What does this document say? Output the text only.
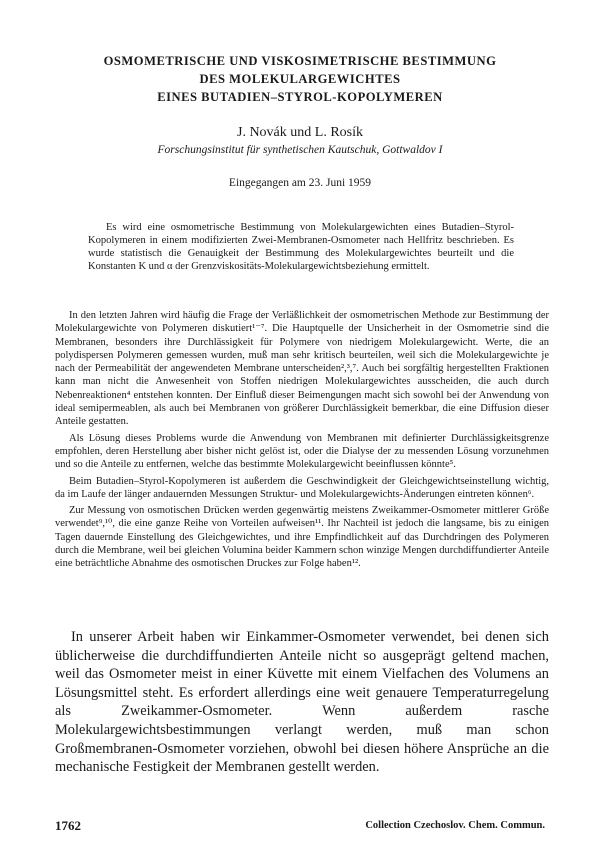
OSMOMETRISCHE UND VISKOSIMETRISCHE BESTIMMUNG
DES MOLEKULARGEWICHTES
EINES BUTADIEN–STYROL-KOPOLYMEREN
J. Novák und L. Rosík
Forschungsinstitut für synthetischen Kautschuk, Gottwaldov I
Eingegangen am 23. Juni 1959

Es wird eine osmometrische Bestimmung von Molekulargewichten eines Butadien–Styrol-Kopolymeren in einem modifizierten Zwei-Membranen-Osmometer nach Hellfritz beschrieben. Es wurde statistisch die Genauigkeit der Bestimmung des Molekulargewichtes beurteilt und die Konstanten K und α der Grenzviskositäts-Molekulargewichtsbeziehung ermittelt.

In den letzten Jahren wird häufig die Frage der Verläßlichkeit der osmometrischen Methode zur Bestimmung der Molekulargewichte von Polymeren diskutiert¹⁻⁷. Die Hauptquelle der Unsicherheit in der Osmometrie sind die Membranen, besonders ihre Durchlässigkeit für Polymere von niedrigem Molekulargewicht. Werte, die an polydispersen Polymeren gemessen wurden, muß man sehr kritisch beurteilen, weil sich die Molekulargewichte je nach der Permeabilität der angewendeten Membrane unterscheiden²,³,⁷. Auch bei sorgfältig hergestellten Fraktionen kann man nicht die Anwesenheit von Stoffen niedrigen Molekulargewichtes ausscheiden, die auch durch Nebenreaktionen⁴ entstehen konnten. Der Einfluß dieser Beimengungen macht sich sowohl bei der Anwendung von ideal semipermeablen, als auch bei Membranen von größerer Durchlässigkeit bemerkbar, die eine Diffusion dieser Anteile gestatten.

Als Lösung dieses Problems wurde die Anwendung von Membranen mit definierter Durchlässigkeitsgrenze empfohlen, deren Herstellung aber bisher nicht gelöst ist, oder die Dialyse der zu messenden Lösung vorzunehmen und so die Anteile zu entfernen, welche das bestimmte Molekulargewicht beeinflussen könnte⁵.

Beim Butadien–Styrol-Kopolymeren ist außerdem die Geschwindigkeit der Gleichgewichtseinstellung wichtig, da im Laufe der länger andauernden Messungen Struktur- und Molekulargewichts-Änderungen eintreten können⁶.

Zur Messung von osmotischen Drücken werden gegenwärtig meistens Zweikammer-Osmometer mittlerer Größe verwendet⁹,¹⁰, die eine ganze Reihe von Vorteilen aufweisen¹¹. Ihr Nachteil ist jedoch die langsame, bis zu einigen Tagen dauernde Einstellung des Gleichgewichtes, und ihre Empfindlichkeit auf das Durchdringen des Polymeren durch die Membrane, weil bei gleichen Volumina beider Kammern schon winzige Mengen durchdiffundierter Anteile eine beträchtliche Abnahme des osmotischen Druckes zur Folge haben¹².

In unserer Arbeit haben wir Einkammer-Osmometer verwendet, bei denen sich üblicherweise die durchdiffundierten Anteile nicht so ausgeprägt geltend machen, weil das Osmometer meist in einer Küvette mit einem Vielfachen des Volumens an Lösungsmittel steht. Es erfordert allerdings eine weit genauere Temperaturregelung als Zweikammer-Osmometer. Wenn außerdem rasche Molekulargewichtsbestimmungen verlangt werden, muß man schon Großmembranen-Osmometer vorziehen, obwohl bei diesen höhere Ansprüche an die mechanische Festigkeit der Membranen gestellt werden.

1762	Collection Czechoslov. Chem. Commun.
